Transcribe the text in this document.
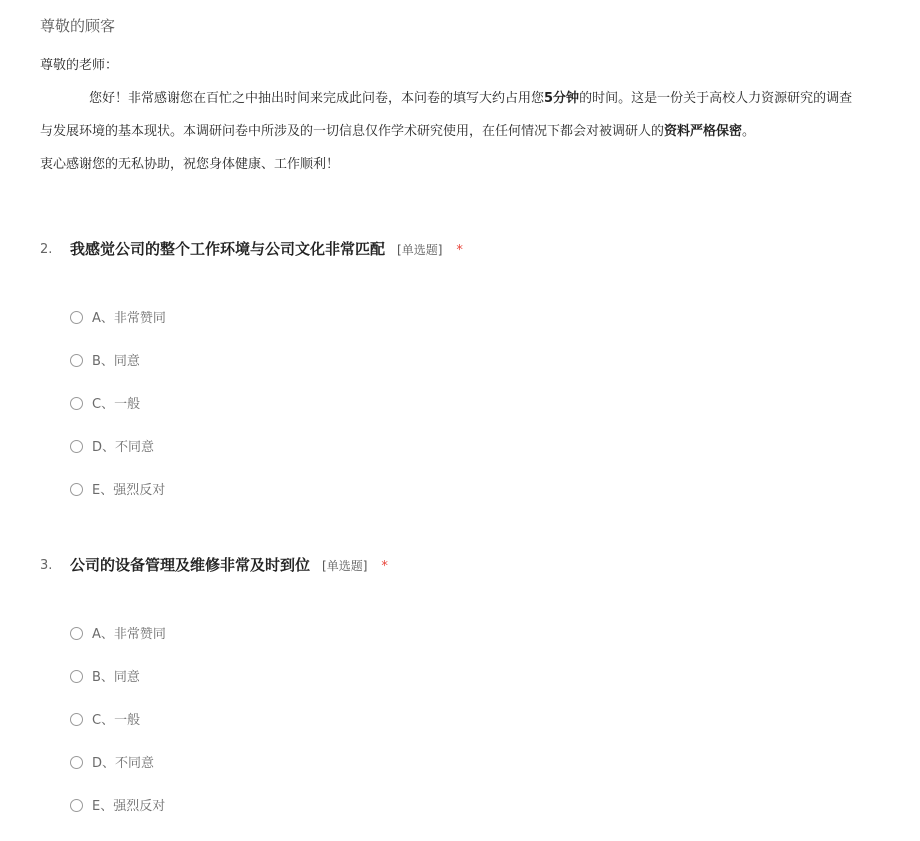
尊敬的顾客
尊敬的老师：
您好！非常感谢您在百忙之中抽出时间来完成此问卷，本问卷的填写大约占用您5分钟的时间。这是一份关于高校人力资源研究的调查
与发展环境的基本现状。本调研问卷中所涉及的一切信息仅作学术研究使用，在任何情况下都会对被调研人的资料严格保密。
衷心感谢您的无私协助，祝您身体健康、工作顺利！
2. 我感觉公司的整个工作环境与公司文化非常匹配 [单选题] *
A、非常赞同
B、同意
C、一般
D、不同意
E、强烈反对
3. 公司的设备管理及维修非常及时到位 [单选题] *
A、非常赞同
B、同意
C、一般
D、不同意
E、强烈反对
